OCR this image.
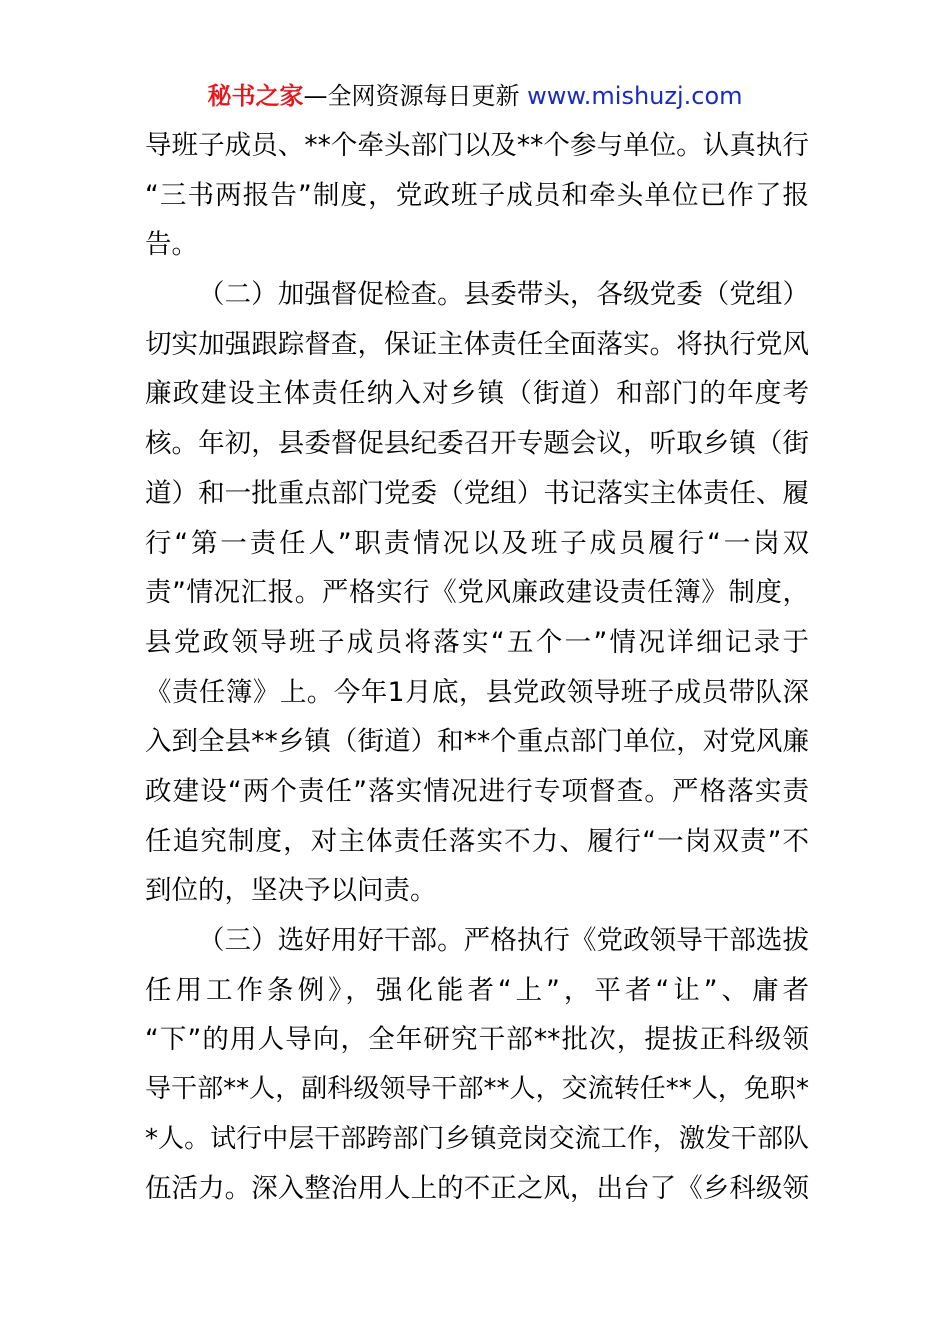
秘书之家—全网资源每日更新 www.mishuzj.com
导班子成员、**个牵头部门以及**个参与单位。认真执行
“三书两报告”制度，党政班子成员和牵头单位已作了报
告。
（二）加强督促检查。县委带头，各级党委（党组）
切实加强跟踪督查，保证主体责任全面落实。将执行党风
廉政建设主体责任纳入对乡镇（街道）和部门的年度考
核。年初，县委督促县纪委召开专题会议，听取乡镇（街
道）和一批重点部门党委（党组）书记落实主体责任、履
行“第一责任人”职责情况以及班子成员履行“一岗双
责”情况汇报。严格实行《党风廉政建设责任簿》制度，
县党政领导班子成员将落实“五个一”情况详细记录于
《责任簿》上。今年1月底，县党政领导班子成员带队深
入到全县**乡镇（街道）和**个重点部门单位，对党风廉
政建设“两个责任”落实情况进行专项督查。严格落实责
任追究制度，对主体责任落实不力、履行“一岗双责”不
到位的，坚决予以问责。
（三）选好用好干部。严格执行《党政领导干部选拔
任用工作条例》，强化能者“上”，平者“让”、庸者
“下”的用人导向，全年研究干部**批次，提拔正科级领
导干部**人，副科级领导干部**人，交流转任**人，免职*
*人。试行中层干部跨部门乡镇竞岗交流工作，激发干部队
伍活力。深入整治用人上的不正之风，出台了《乡科级领
